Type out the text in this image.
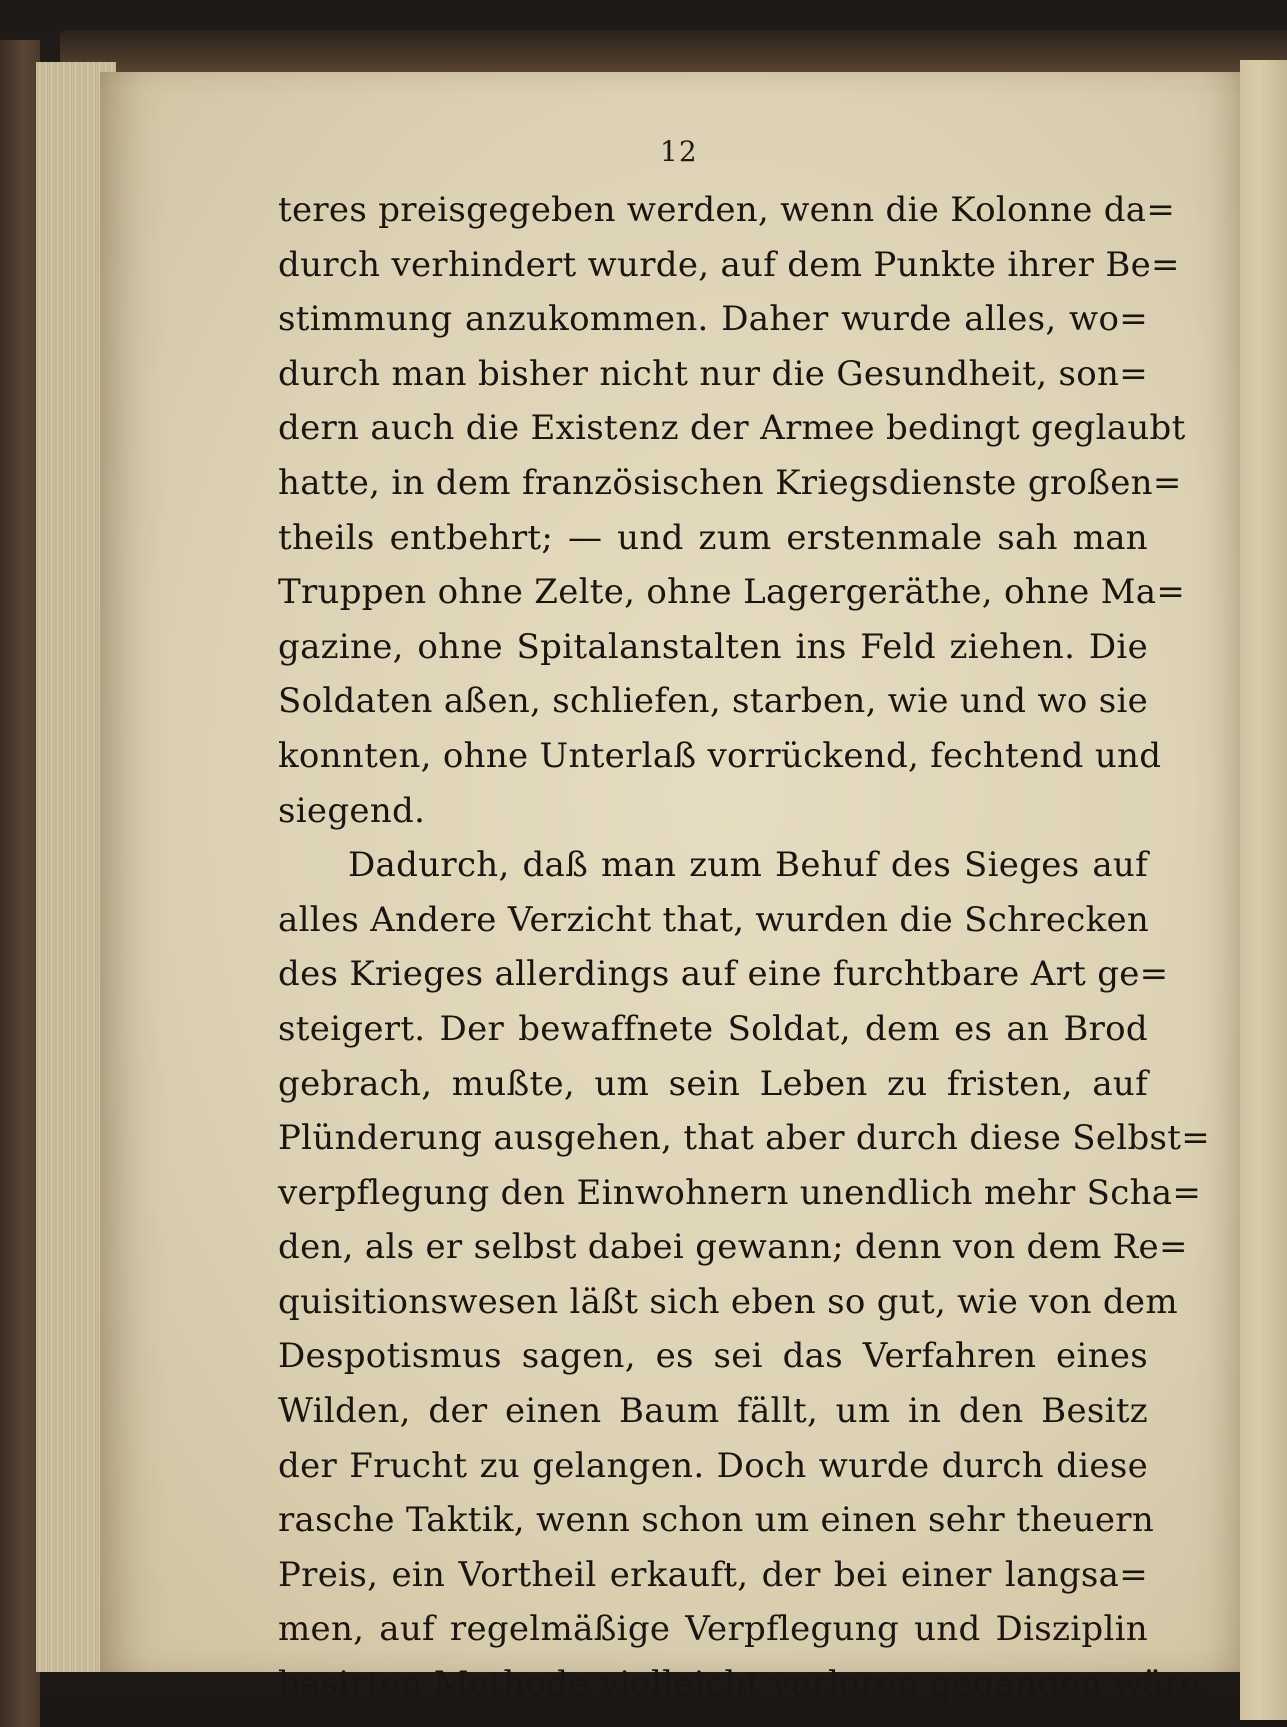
12
teres preisgegeben werden, wenn die Kolonne da=
durch verhindert wurde, auf dem Punkte ihrer Be=
stimmung anzukommen. Daher wurde alles, wo=
durch man bisher nicht nur die Gesundheit, son=
dern auch die Existenz der Armee bedingt geglaubt
hatte, in dem französischen Kriegsdienste großen=
theils entbehrt; — und zum erstenmale sah man
Truppen ohne Zelte, ohne Lagergeräthe, ohne Ma=
gazine, ohne Spitalanstalten ins Feld ziehen. Die
Soldaten aßen, schliefen, starben, wie und wo sie
konnten, ohne Unterlaß vorrückend, fechtend und
siegend.
Dadurch, daß man zum Behuf des Sieges auf
alles Andere Verzicht that, wurden die Schrecken
des Krieges allerdings auf eine furchtbare Art ge=
steigert. Der bewaffnete Soldat, dem es an Brod
gebrach, mußte, um sein Leben zu fristen, auf
Plünderung ausgehen, that aber durch diese Selbst=
verpflegung den Einwohnern unendlich mehr Scha=
den, als er selbst dabei gewann; denn von dem Re=
quisitionswesen läßt sich eben so gut, wie von dem
Despotismus sagen, es sei das Verfahren eines
Wilden, der einen Baum fällt, um in den Besitz
der Frucht zu gelangen. Doch wurde durch diese
rasche Taktik, wenn schon um einen sehr theuern
Preis, ein Vortheil erkauft, der bei einer langsa=
men, auf regelmäßige Verpflegung und Disziplin
basirten Methode vielleicht verloren gegangen wäre.
